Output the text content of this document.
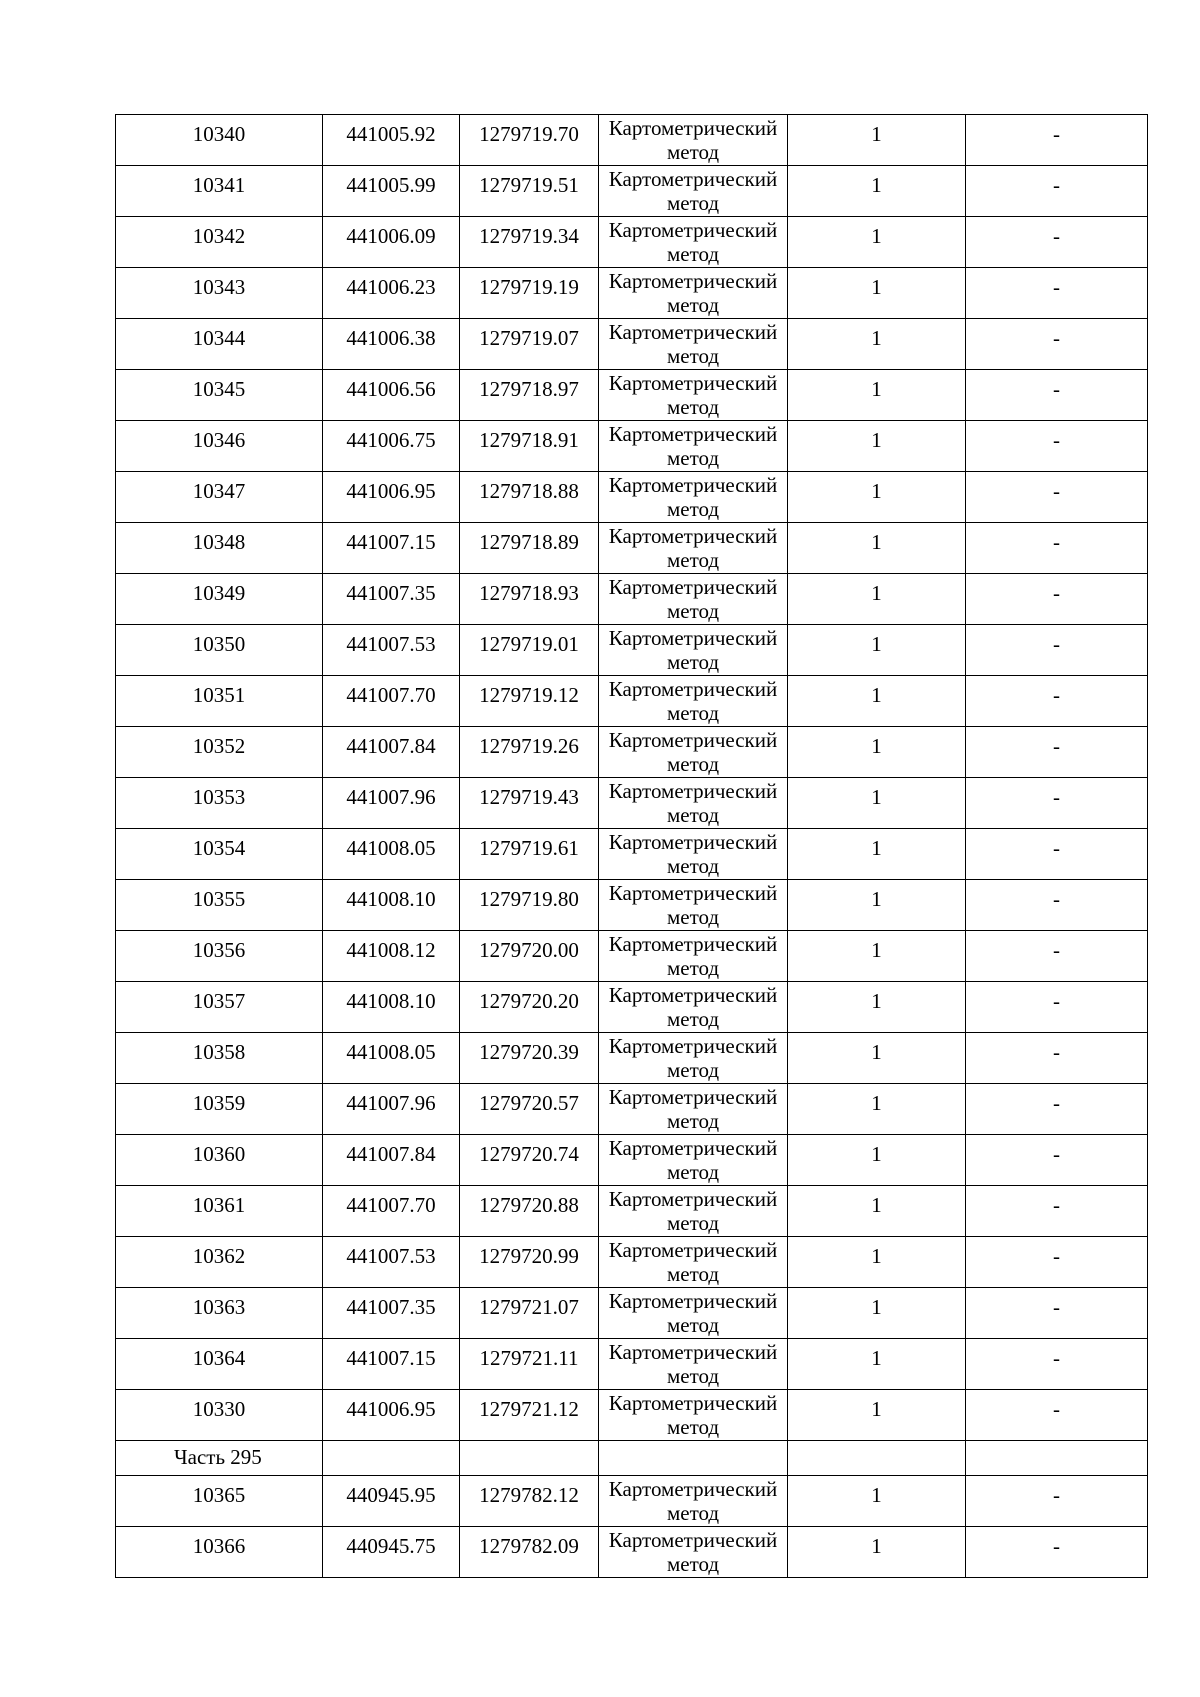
10340	441005.92	1279719.70	Картометрический
метод	1	-
10341	441005.99	1279719.51	Картометрический
метод	1	-
10342	441006.09	1279719.34	Картометрический
метод	1	-
10343	441006.23	1279719.19	Картометрический
метод	1	-
10344	441006.38	1279719.07	Картометрический
метод	1	-
10345	441006.56	1279718.97	Картометрический
метод	1	-
10346	441006.75	1279718.91	Картометрический
метод	1	-
10347	441006.95	1279718.88	Картометрический
метод	1	-
10348	441007.15	1279718.89	Картометрический
метод	1	-
10349	441007.35	1279718.93	Картометрический
метод	1	-
10350	441007.53	1279719.01	Картометрический
метод	1	-
10351	441007.70	1279719.12	Картометрический
метод	1	-
10352	441007.84	1279719.26	Картометрический
метод	1	-
10353	441007.96	1279719.43	Картометрический
метод	1	-
10354	441008.05	1279719.61	Картометрический
метод	1	-
10355	441008.10	1279719.80	Картометрический
метод	1	-
10356	441008.12	1279720.00	Картометрический
метод	1	-
10357	441008.10	1279720.20	Картометрический
метод	1	-
10358	441008.05	1279720.39	Картометрический
метод	1	-
10359	441007.96	1279720.57	Картометрический
метод	1	-
10360	441007.84	1279720.74	Картометрический
метод	1	-
10361	441007.70	1279720.88	Картометрический
метод	1	-
10362	441007.53	1279720.99	Картометрический
метод	1	-
10363	441007.35	1279721.07	Картометрический
метод	1	-
10364	441007.15	1279721.11	Картометрический
метод	1	-
10330	441006.95	1279721.12	Картометрический
метод	1	-
Часть 295					
10365	440945.95	1279782.12	Картометрический
метод	1	-
10366	440945.75	1279782.09	Картометрический
метод	1	-
